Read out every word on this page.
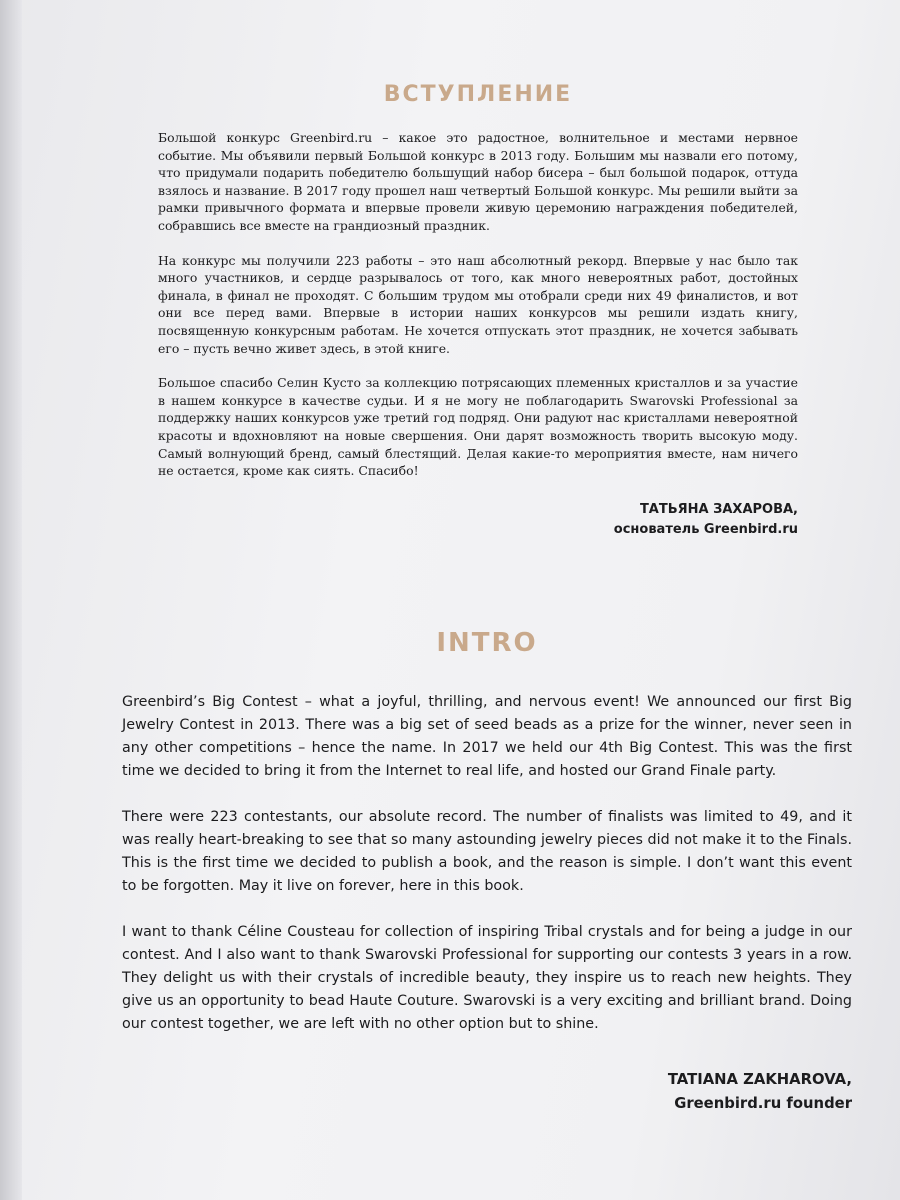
ВСТУПЛЕНИЕ

Большой конкурс Greenbird.ru – какое это радостное, волнительное и местами нервное событие. Мы объявили первый Большой конкурс в 2013 году. Большим мы назвали его потому, что придумали подарить победителю большущий набор бисера – был большой подарок, оттуда взялось и название. В 2017 году прошел наш четвертый Большой конкурс. Мы решили выйти за рамки привычного формата и впервые провели живую церемонию награждения победителей, собравшись все вместе на грандиозный праздник.

На конкурс мы получили 223 работы – это наш абсолютный рекорд. Впервые у нас было так много участников, и сердце разрывалось от того, как много невероятных работ, достойных финала, в финал не проходят. С большим трудом мы отобрали среди них 49 финалистов, и вот они все перед вами. Впервые в истории наших конкурсов мы решили издать книгу, посвященную конкурсным работам. Не хочется отпускать этот праздник, не хочется забывать его – пусть вечно живет здесь, в этой книге.

Большое спасибо Селин Кусто за коллекцию потрясающих племенных кристаллов и за участие в нашем конкурсе в качестве судьи. И я не могу не поблагодарить Swarovski Professional за поддержку наших конкурсов уже третий год подряд. Они радуют нас кристаллами невероятной красоты и вдохновляют на новые свершения. Они дарят возможность творить высокую моду. Самый волнующий бренд, самый блестящий. Делая какие-то мероприятия вместе, нам ничего не остается, кроме как сиять. Спасибо!

ТАТЬЯНА ЗАХАРОВА,
основатель Greenbird.ru
INTRO

Greenbird’s Big Contest – what a joyful, thrilling, and nervous event! We announced our first Big Jewelry Contest in 2013. There was a big set of seed beads as a prize for the winner, never seen in any other competitions – hence the name. In 2017 we held our 4th Big Contest. This was the first time we decided to bring it from the Internet to real life, and hosted our Grand Finale party.

There were 223 contestants, our absolute record. The number of finalists was limited to 49, and it was really heart-breaking to see that so many astounding jewelry pieces did not make it to the Finals. This is the first time we decided to publish a book, and the reason is simple. I don’t want this event to be forgotten. May it live on forever, here in this book.

I want to thank Céline Cousteau for collection of inspiring Tribal crystals and for being a judge in our contest. And I also want to thank Swarovski Professional for supporting our contests 3 years in a row. They delight us with their crystals of incredible beauty, they inspire us to reach new heights. They give us an opportunity to bead Haute Couture. Swarovski is a very exciting and brilliant brand. Doing our contest together, we are left with no other option but to shine.

TATIANA ZAKHAROVA,
Greenbird.ru founder
